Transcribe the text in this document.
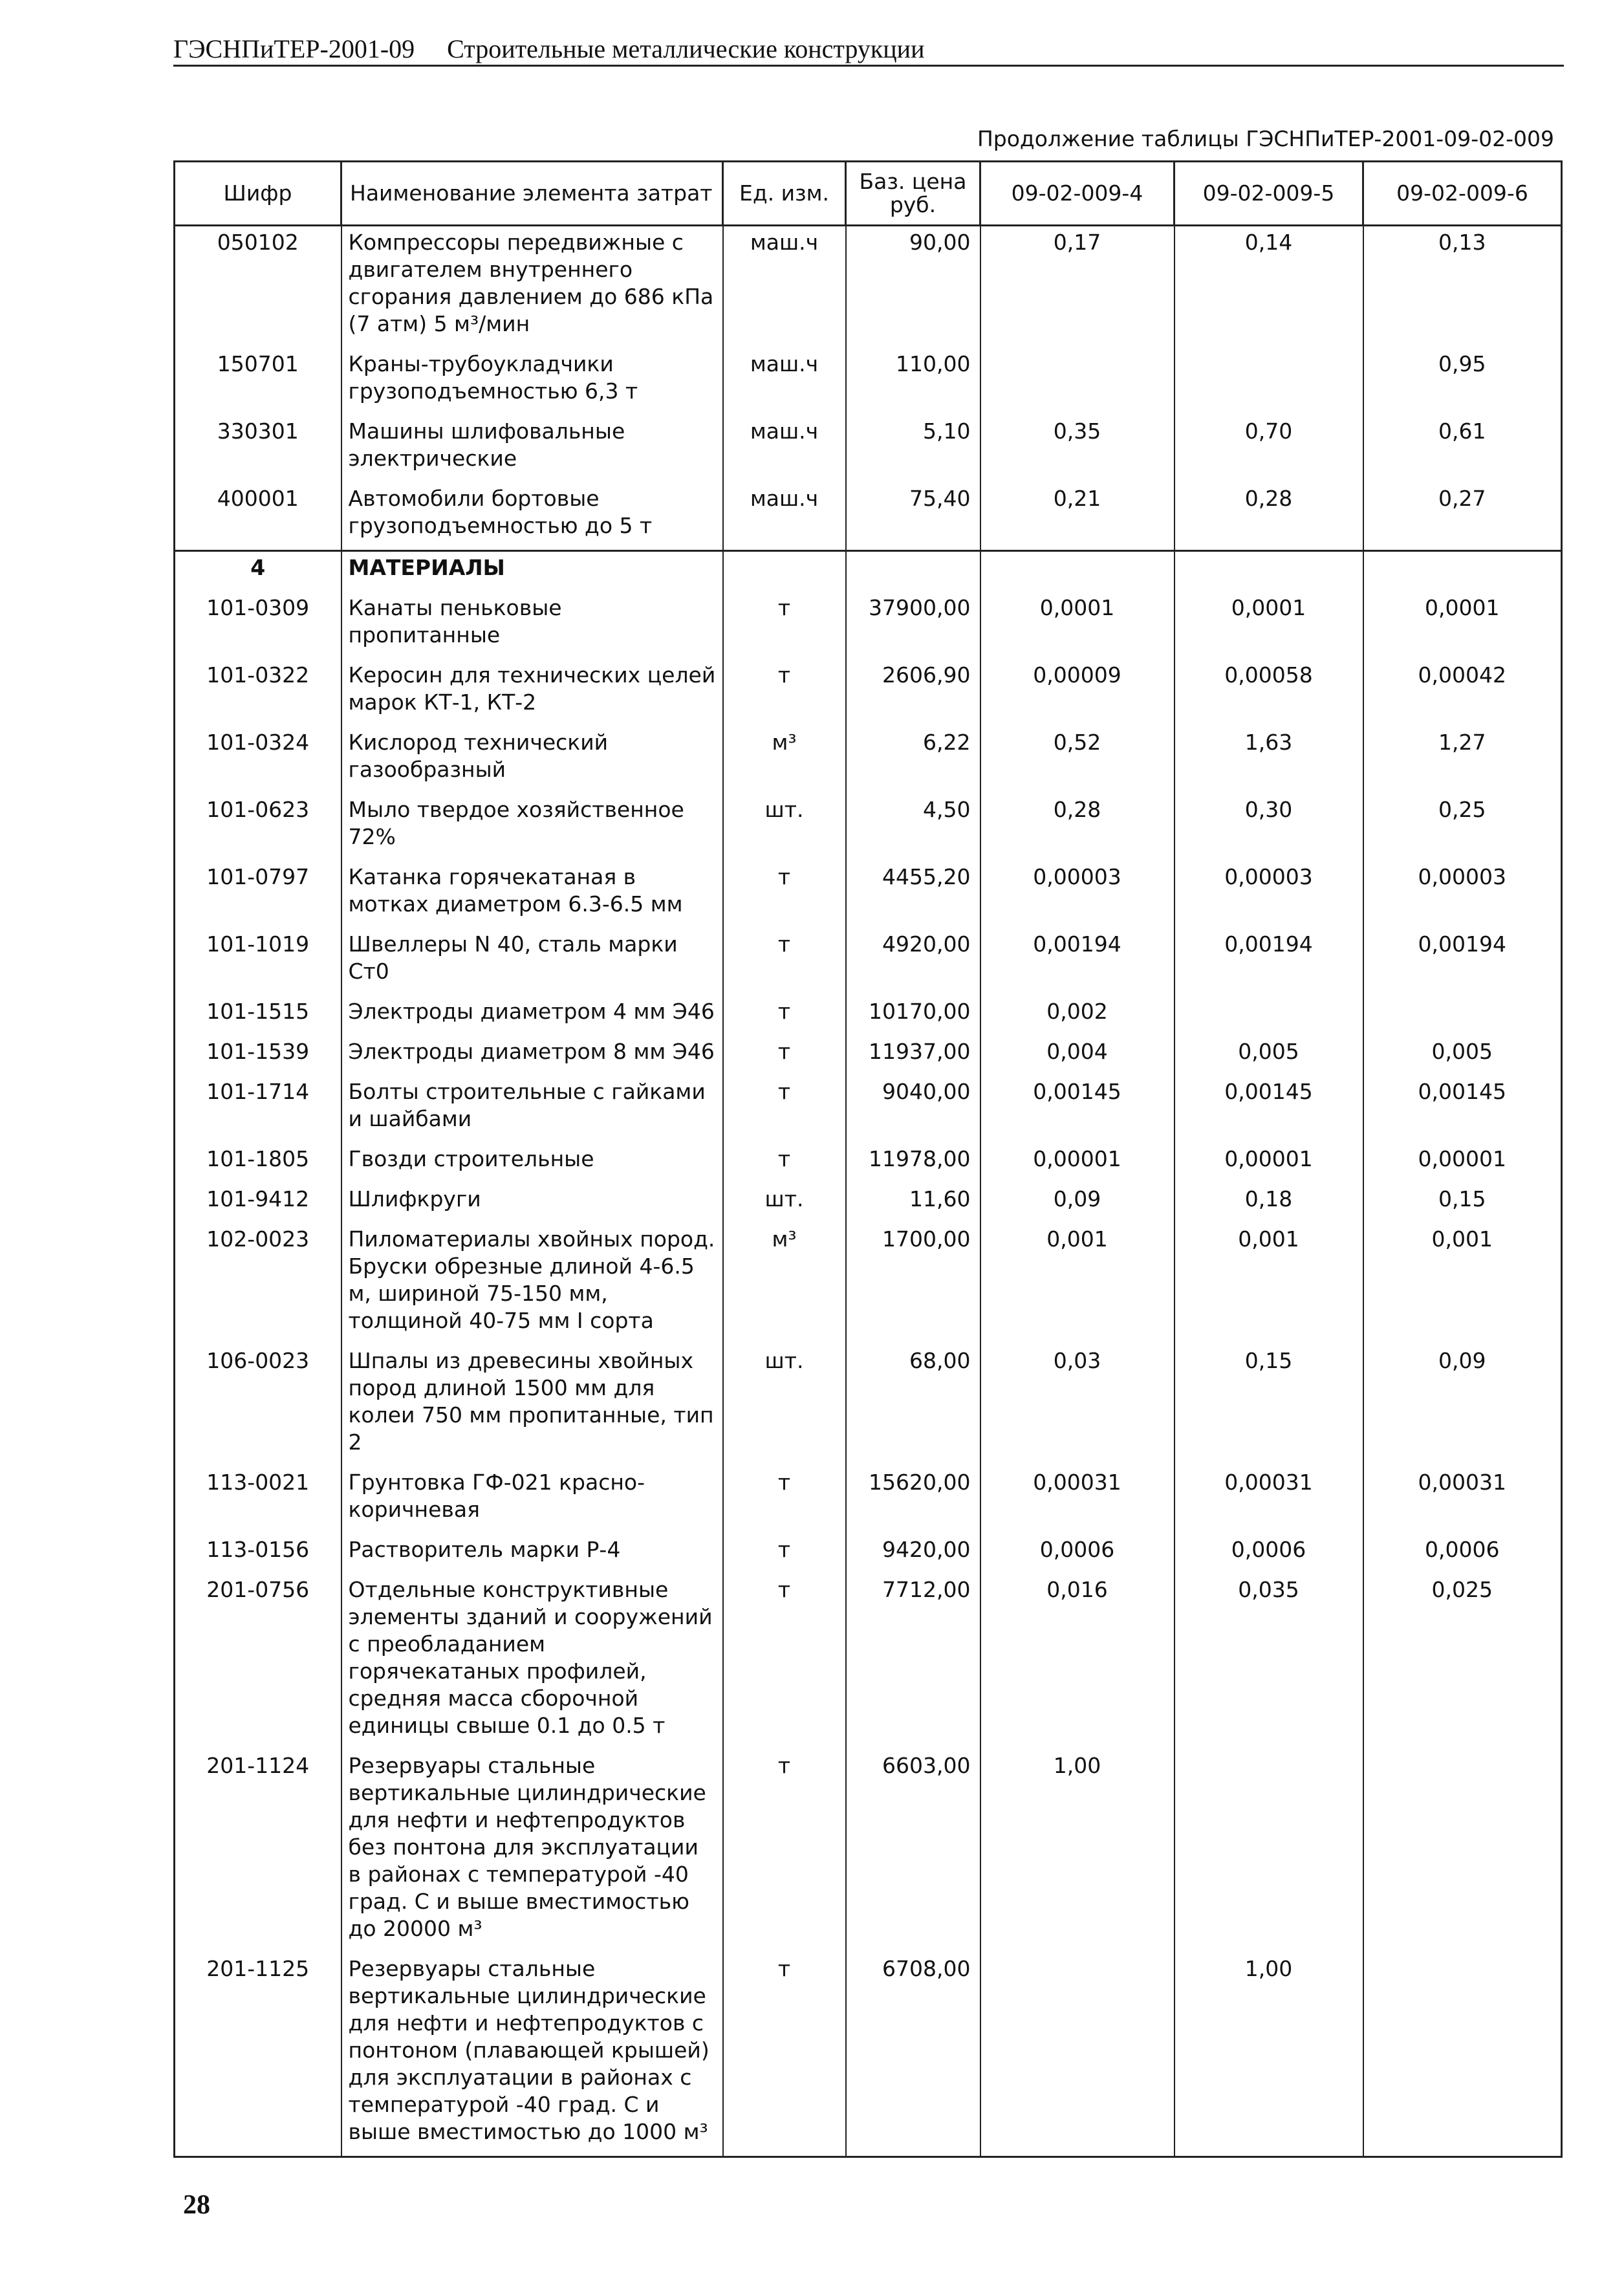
ГЭСНПиТЕР-2001-09 Строительные металлические конструкции
Продолжение таблицы ГЭСНПиТЕР-2001-09-02-009
Шифр	Наименование элемента затрат	Ед. изм.	Баз. цена руб.	09-02-009-4	09-02-009-5	09-02-009-6
050102	Компрессоры передвижные с двигателем внутреннего сгорания давлением до 686 кПа (7 атм) 5 м³/мин	маш.ч	90,00	0,17	0,14	0,13
150701	Краны-трубоукладчики грузоподъемностью 6,3 т	маш.ч	110,00			0,95
330301	Машины шлифовальные электрические	маш.ч	5,10	0,35	0,70	0,61
400001	Автомобили бортовые грузоподъемностью до 5 т	маш.ч	75,40	0,21	0,28	0,27
4	МАТЕРИАЛЫ					
101-0309	Канаты пеньковые пропитанные	т	37900,00	0,0001	0,0001	0,0001
101-0322	Керосин для технических целей марок КТ-1, КТ-2	т	2606,90	0,00009	0,00058	0,00042
101-0324	Кислород технический газообразный	м³	6,22	0,52	1,63	1,27
101-0623	Мыло твердое хозяйственное 72%	шт.	4,50	0,28	0,30	0,25
101-0797	Катанка горячекатаная в мотках диаметром 6.3-6.5 мм	т	4455,20	0,00003	0,00003	0,00003
101-1019	Швеллеры N 40, сталь марки Ст0	т	4920,00	0,00194	0,00194	0,00194
101-1515	Электроды диаметром 4 мм Э46	т	10170,00	0,002		
101-1539	Электроды диаметром 8 мм Э46	т	11937,00	0,004	0,005	0,005
101-1714	Болты строительные с гайками и шайбами	т	9040,00	0,00145	0,00145	0,00145
101-1805	Гвозди строительные	т	11978,00	0,00001	0,00001	0,00001
101-9412	Шлифкруги	шт.	11,60	0,09	0,18	0,15
102-0023	Пиломатериалы хвойных пород. Бруски обрезные длиной 4-6.5 м, шириной 75-150 мм, толщиной 40-75 мм I сорта	м³	1700,00	0,001	0,001	0,001
106-0023	Шпалы из древесины хвойных пород длиной 1500 мм для колеи 750 мм пропитанные, тип 2	шт.	68,00	0,03	0,15	0,09
113-0021	Грунтовка ГФ-021 красно-коричневая	т	15620,00	0,00031	0,00031	0,00031
113-0156	Растворитель марки Р-4	т	9420,00	0,0006	0,0006	0,0006
201-0756	Отдельные конструктивные элементы зданий и сооружений с преобладанием горячекатаных профилей, средняя масса сборочной единицы свыше 0.1 до 0.5 т	т	7712,00	0,016	0,035	0,025
201-1124	Резервуары стальные вертикальные цилиндрические для нефти и нефтепродуктов без понтона для эксплуатации в районах с температурой -40 град. С и выше вместимостью до 20000 м³	т	6603,00	1,00		
201-1125	Резервуары стальные вертикальные цилиндрические для нефти и нефтепродуктов с понтоном (плавающей крышей) для эксплуатации в районах с температурой -40 град. С и выше вместимостью до 1000 м³	т	6708,00		1,00	
28
